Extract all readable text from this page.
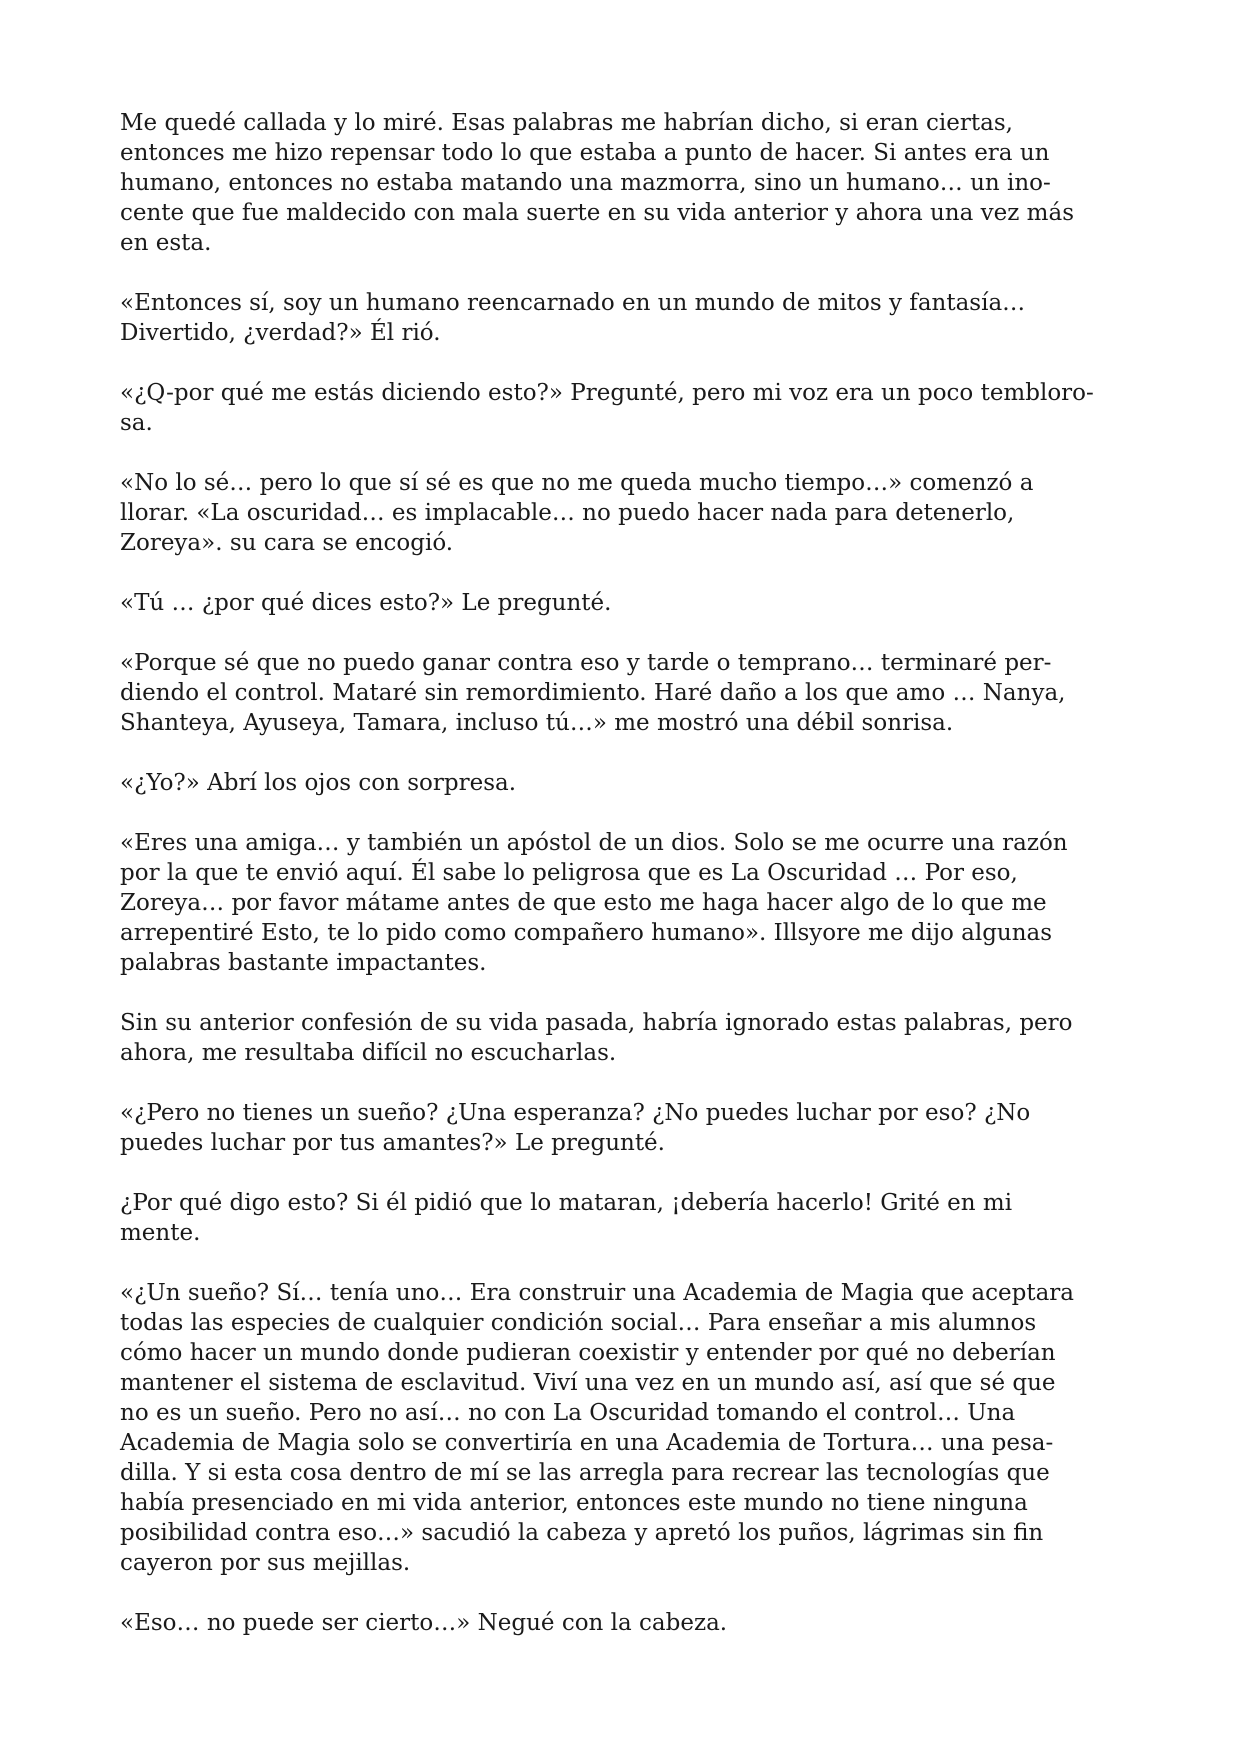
Me quedé callada y lo miré. Esas palabras me habrían dicho, si eran ciertas,
entonces me hizo repensar todo lo que estaba a punto de hacer. Si antes era un
humano, entonces no estaba matando una mazmorra, sino un humano… un ino-
cente que fue maldecido con mala suerte en su vida anterior y ahora una vez más
en esta.

«Entonces sí, soy un humano reencarnado en un mundo de mitos y fantasía…
Divertido, ¿verdad?» Él rió.

«¿Q-por qué me estás diciendo esto?» Pregunté, pero mi voz era un poco tembloro-
sa.

«No lo sé… pero lo que sí sé es que no me queda mucho tiempo…» comenzó a
llorar. «La oscuridad… es implacable… no puedo hacer nada para detenerlo,
Zoreya». su cara se encogió.

«Tú … ¿por qué dices esto?» Le pregunté.

«Porque sé que no puedo ganar contra eso y tarde o temprano… terminaré per-
diendo el control. Mataré sin remordimiento. Haré daño a los que amo … Nanya,
Shanteya, Ayuseya, Tamara, incluso tú…» me mostró una débil sonrisa.

«¿Yo?» Abrí los ojos con sorpresa.

«Eres una amiga… y también un apóstol de un dios. Solo se me ocurre una razón
por la que te envió aquí. Él sabe lo peligrosa que es La Oscuridad … Por eso,
Zoreya… por favor mátame antes de que esto me haga hacer algo de lo que me
arrepentiré Esto, te lo pido como compañero humano». Illsyore me dijo algunas
palabras bastante impactantes.

Sin su anterior confesión de su vida pasada, habría ignorado estas palabras, pero
ahora, me resultaba difícil no escucharlas.

«¿Pero no tienes un sueño? ¿Una esperanza? ¿No puedes luchar por eso? ¿No
puedes luchar por tus amantes?» Le pregunté.

¿Por qué digo esto? Si él pidió que lo mataran, ¡debería hacerlo! Grité en mi
mente.

«¿Un sueño? Sí… tenía uno… Era construir una Academia de Magia que aceptara
todas las especies de cualquier condición social… Para enseñar a mis alumnos
cómo hacer un mundo donde pudieran coexistir y entender por qué no deberían
mantener el sistema de esclavitud. Viví una vez en un mundo así, así que sé que
no es un sueño. Pero no así… no con La Oscuridad tomando el control… Una
Academia de Magia solo se convertiría en una Academia de Tortura… una pesa-
dilla. Y si esta cosa dentro de mí se las arregla para recrear las tecnologías que
había presenciado en mi vida anterior, entonces este mundo no tiene ninguna
posibilidad contra eso…» sacudió la cabeza y apretó los puños, lágrimas sin fin
cayeron por sus mejillas.

«Eso… no puede ser cierto…» Negué con la cabeza.
